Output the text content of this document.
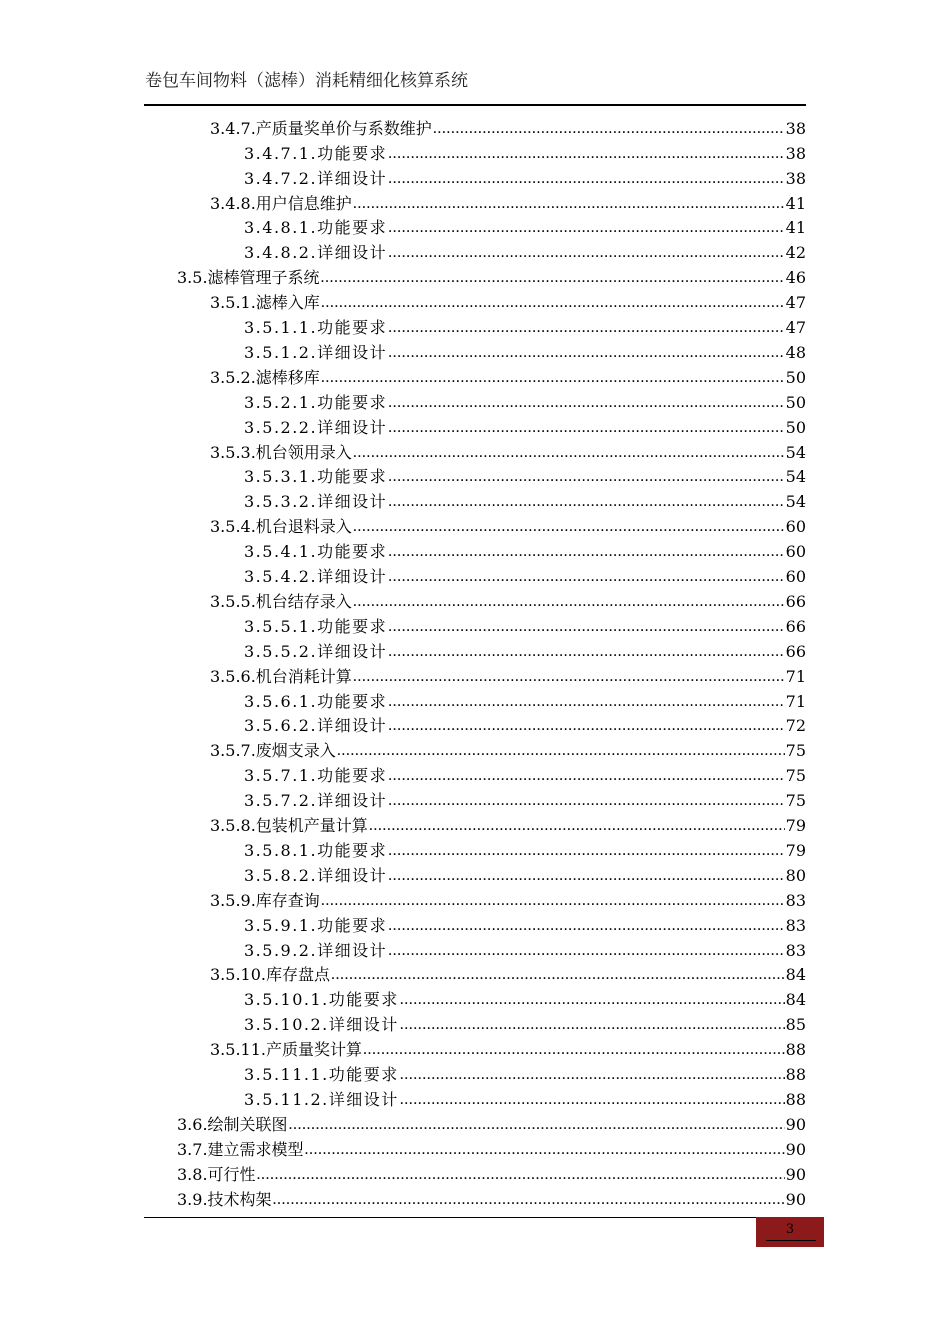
卷包车间物料（滤棒）消耗精细化核算系统
3.4.7.产质量奖单价与系数维护 .....	38
3.4.7.1.功能要求 .....	38
3.4.7.2.详细设计 .....	38
3.4.8.用户信息维护 .....	41
3.4.8.1.功能要求 .....	41
3.4.8.2.详细设计 .....	42
3.5.滤棒管理子系统 .....	46
3.5.1.滤棒入库 .....	47
3.5.1.1.功能要求 .....	47
3.5.1.2.详细设计 .....	48
3.5.2.滤棒移库 .....	50
3.5.2.1.功能要求 .....	50
3.5.2.2.详细设计 .....	50
3.5.3.机台领用录入 .....	54
3.5.3.1.功能要求 .....	54
3.5.3.2.详细设计 .....	54
3.5.4.机台退料录入 .....	60
3.5.4.1.功能要求 .....	60
3.5.4.2.详细设计 .....	60
3.5.5.机台结存录入 .....	66
3.5.5.1.功能要求 .....	66
3.5.5.2.详细设计 .....	66
3.5.6.机台消耗计算 .....	71
3.5.6.1.功能要求 .....	71
3.5.6.2.详细设计 .....	72
3.5.7.废烟支录入 .....	75
3.5.7.1.功能要求 .....	75
3.5.7.2.详细设计 .....	75
3.5.8.包装机产量计算 .....	79
3.5.8.1.功能要求 .....	79
3.5.8.2.详细设计 .....	80
3.5.9.库存查询 .....	83
3.5.9.1.功能要求 .....	83
3.5.9.2.详细设计 .....	83
3.5.10.库存盘点 .....	84
3.5.10.1.功能要求 .....	84
3.5.10.2.详细设计 .....	85
3.5.11.产质量奖计算 .....	88
3.5.11.1.功能要求 .....	88
3.5.11.2.详细设计 .....	88
3.6.绘制关联图 .....	90
3.7.建立需求模型 .....	90
3.8.可行性 .....	90
3.9.技术构架 .....	90
3
